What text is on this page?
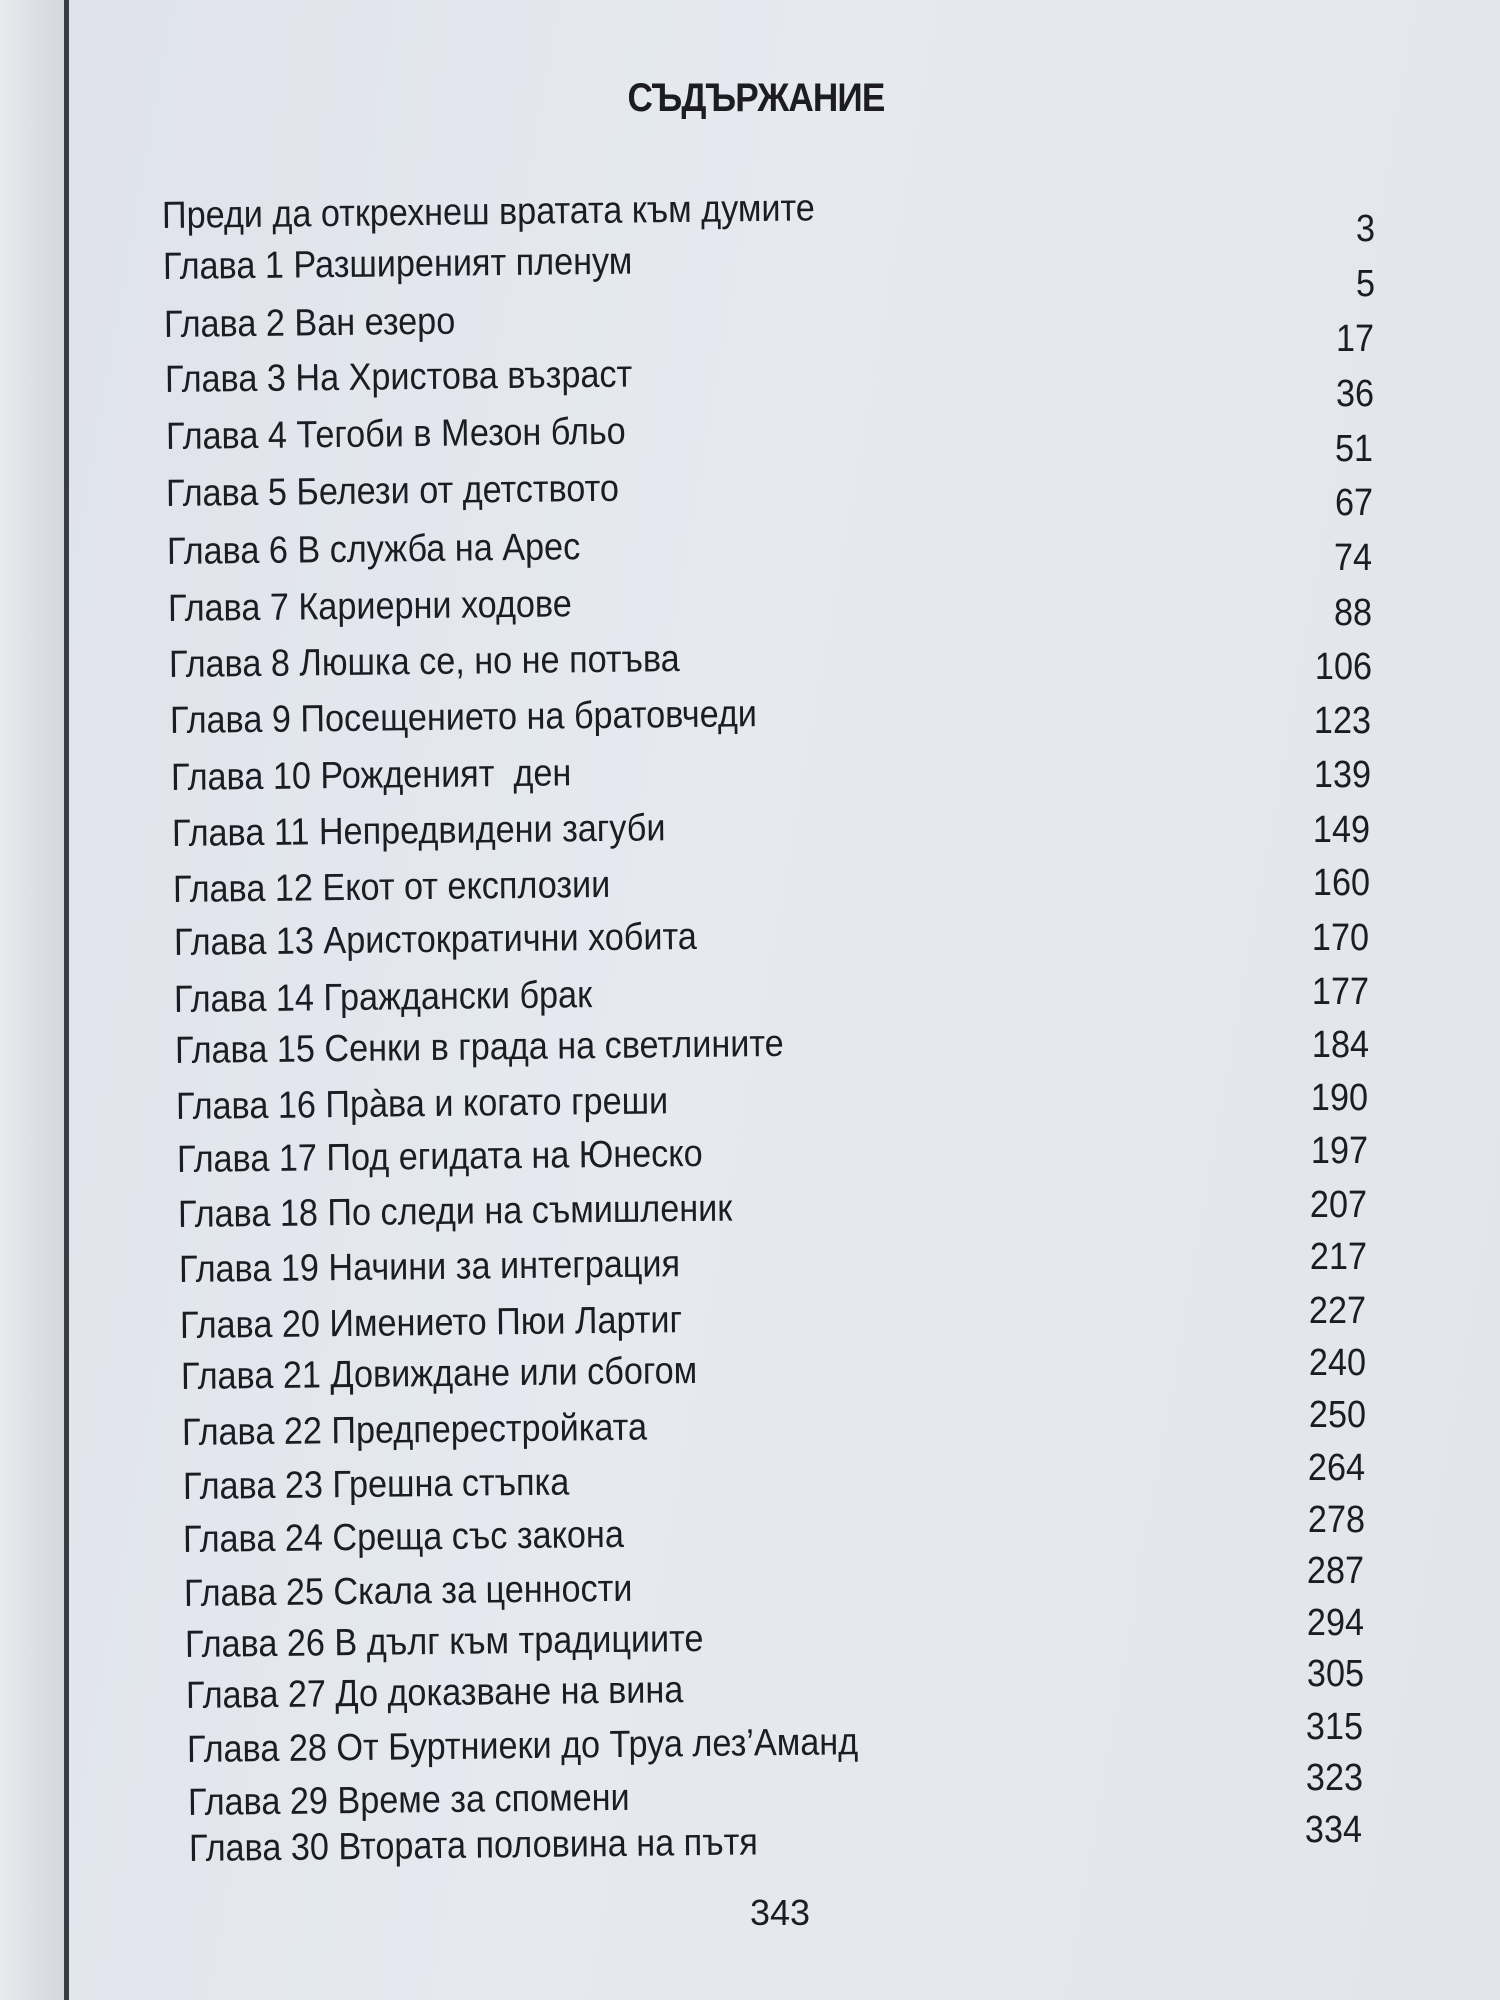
СЪДЪРЖАНИЕ
Преди да открехнеш вратата към думите	3
Глава 1 Разширеният пленум	5
Глава 2 Ван езеро	17
Глава 3 На Христова възраст	36
Глава 4 Тегоби в Мезон бльо	51
Глава 5 Белези от детството	67
Глава 6 В служба на Арес	74
Глава 7 Кариерни ходове	88
Глава 8 Люшка се, но не потъва	106
Глава 9 Посещението на братовчеди	123
Глава 10 Рожденият  ден	139
Глава 11 Непредвидени загуби	149
Глава 12 Екот от експлозии	160
Глава 13 Аристократични хобита	170
Глава 14 Граждански брак	177
Глава 15 Сенки в града на светлините	184
Глава 16 Прàва и когато греши	190
Глава 17 Под егидата на Юнеско	197
Глава 18 По следи на съмишленик	207
Глава 19 Начини за интеграция	217
Глава 20 Имението Пюи Лартиг	227
Глава 21 Довиждане или сбогом	240
Глава 22 Предперестройката	250
Глава 23 Грешна стъпка	264
Глава 24 Среща със закона	278
Глава 25 Скала за ценности	287
Глава 26 В дълг към традициите	294
Глава 27 До доказване на вина	305
Глава 28 От Буртниеки до Труа лез’Аманд	315
Глава 29 Време за спомени	323
Глава 30 Втората половина на пътя	334
343
